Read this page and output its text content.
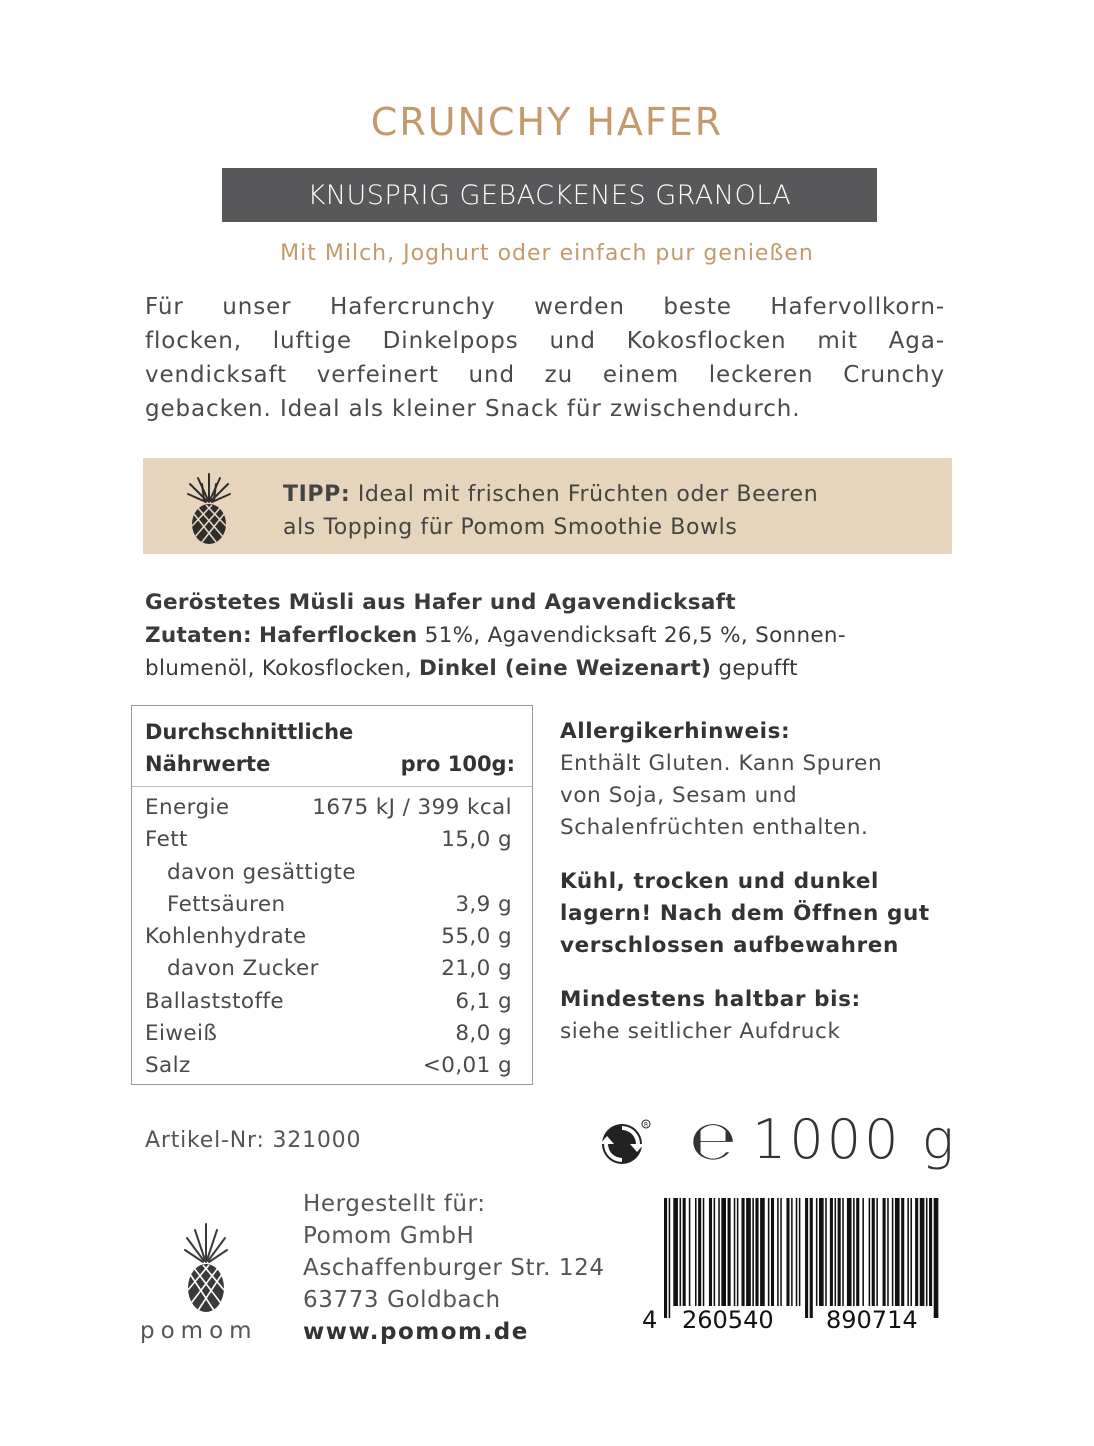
CRUNCHY HAFER
KNUSPRIG GEBACKENES GRANOLA
Mit Milch, Joghurt oder einfach pur genießen
Für unser Hafercrunchy werden beste Hafervollkorn-
flocken, luftige Dinkelpops und Kokosflocken mit Aga-
vendicksaft verfeinert und zu einem leckeren Crunchy
gebacken. Ideal als kleiner Snack für zwischendurch.
TIPP: Ideal mit frischen Früchten oder Beeren
als Topping für Pomom Smoothie Bowls
Geröstetes Müsli aus Hafer und Agavendicksaft
Zutaten: Haferflocken 51%, Agavendicksaft 26,5 %, Sonnen-
blumenöl, Kokosflocken, Dinkel (eine Weizenart) gepufft
Durchschnittliche
Nährwerte	pro 100g:
Energie	1675 kJ / 399 kcal
Fett	15,0 g
davon gesättigte
Fettsäuren	3,9 g
Kohlenhydrate	55,0 g
davon Zucker	21,0 g
Ballaststoffe	6,1 g
Eiweiß	8,0 g
Salz	<0,01 g
Allergikerhinweis:
Enthält Gluten. Kann Spuren
von Soja, Sesam und
Schalenfrüchten enthalten.
Kühl, trocken und dunkel
lagern! Nach dem Öffnen gut
verschlossen aufbewahren
Mindestens haltbar bis:
siehe seitlicher Aufdruck
Artikel-Nr: 321000
R ℮ 1000 g
Hergestellt für:
Pomom GmbH
Aschaffenburger Str. 124
63773 Goldbach
www.pomom.de
pomom	4 260540 890714
